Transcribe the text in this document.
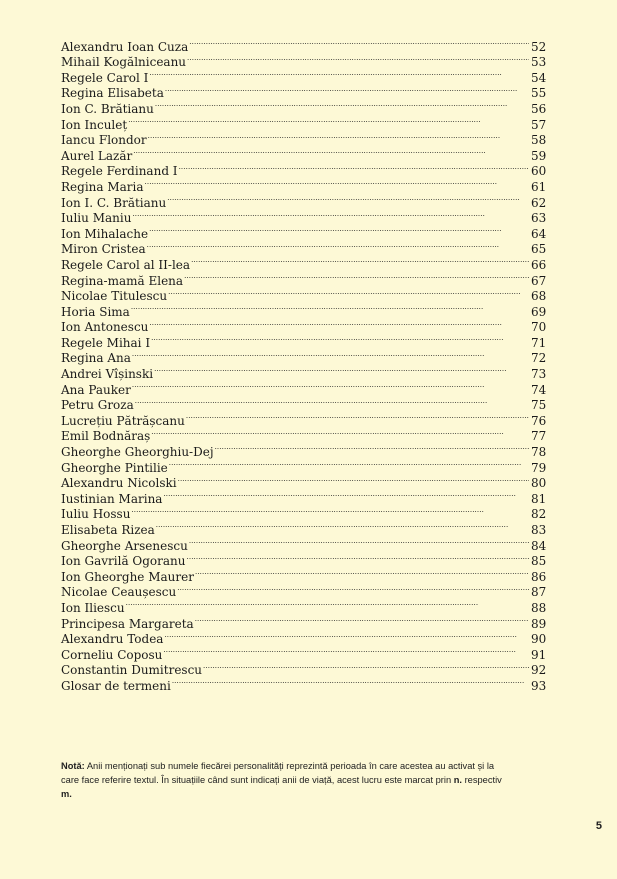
Alexandru Ioan Cuza . . .	52
Mihail Kogălniceanu . . .	53
Regele Carol I . . .	54
Regina Elisabeta . . .	55
Ion C. Brătianu . . .	56
Ion Inculeț . . .	57
Iancu Flondor . . .	58
Aurel Lazăr . . .	59
Regele Ferdinand I . . .	60
Regina Maria . . .	61
Ion I. C. Brătianu . . .	62
Iuliu Maniu . . .	63
Ion Mihalache . . .	64
Miron Cristea . . .	65
Regele Carol al II-lea . . .	66
Regina-mamă Elena . . .	67
Nicolae Titulescu . . .	68
Horia Sima . . .	69
Ion Antonescu . . .	70
Regele Mihai I . . .	71
Regina Ana . . .	72
Andrei Vîșinski . . .	73
Ana Pauker . . .	74
Petru Groza . . .	75
Lucrețiu Pătrășcanu . . .	76
Emil Bodnăraș . . .	77
Gheorghe Gheorghiu-Dej . . .	78
Gheorghe Pintilie . . .	79
Alexandru Nicolski . . .	80
Iustinian Marina . . .	81
Iuliu Hossu . . .	82
Elisabeta Rizea . . .	83
Gheorghe Arsenescu . . .	84
Ion Gavrilă Ogoranu . . .	85
Ion Gheorghe Maurer . . .	86
Nicolae Ceaușescu . . .	87
Ion Iliescu . . .	88
Principesa Margareta . . .	89
Alexandru Todea . . .	90
Corneliu Coposu . . .	91
Constantin Dumitrescu . . .	92
Glosar de termeni . . .	93
Notă: Anii menționați sub numele fiecărei personalități reprezintă perioada în care acestea au activat și la care face referire textul. În situațiile când sunt indicați anii de viață, acest lucru este marcat prin n. respectiv m.
5
